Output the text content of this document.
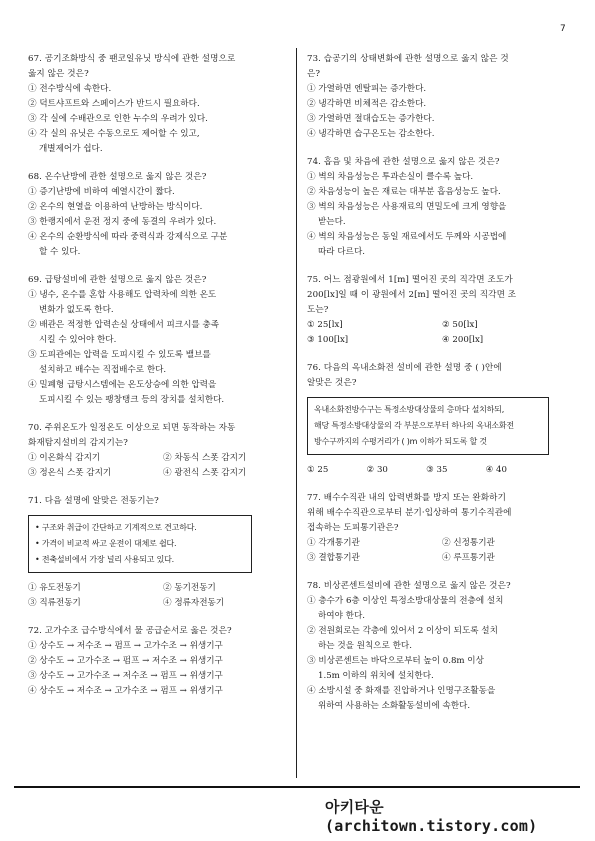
7
67. 공기조화방식 중 팬코일유닛 방식에 관한 설명으로
옳지 않은 것은?
① 전수방식에 속한다.
② 덕트샤프트와 스페이스가 반드시 필요하다.
③ 각 실에 수배관으로 인한 누수의 우려가 있다.
④ 각 실의 유닛은 수동으로도 제어할 수 있고,
개별제어가 쉽다.
68. 온수난방에 관한 설명으로 옳지 않은 것은?
① 증기난방에 비하여 예열시간이 짧다.
② 온수의 현열을 이용하여 난방하는 방식이다.
③ 한랭지에서 운전 정지 중에 동결의 우려가 있다.
④ 온수의 순환방식에 따라 중력식과 강제식으로 구분
할 수 있다.
69. 급탕설비에 관한 설명으로 옳지 않은 것은?
① 냉수, 온수를 혼합 사용해도 압력차에 의한 온도
변화가 없도록 한다.
② 배관은 적정한 압력손실 상태에서 피크시를 충족
시킬 수 있어야 한다.
③ 도피관에는 압력을 도피시킬 수 있도록 밸브를
설치하고 배수는 직접배수로 한다.
④ 밀폐형 급탕시스템에는 온도상승에 의한 압력을
도피시킬 수 있는 팽창탱크 등의 장치를 설치한다.
70. 주위온도가 일정온도 이상으로 되면 동작하는 자동
화재탐지설비의 감지기는?
① 이온화식 감지기	② 차동식 스폿 감지기
③ 정온식 스폿 감지기	④ 광전식 스폿 감지기
71. 다음 설명에 알맞은 전동기는?
• 구조와 취급이 간단하고 기계적으로 견고하다.
• 가격이 비교적 싸고 운전이 대체로 쉽다.
• 전축설비에서 가장 널리 사용되고 있다.
① 유도전동기	② 동기전동기
③ 직류전동기	④ 정류자전동기
72. 고가수조 급수방식에서 물 공급순서로 옳은 것은?
① 상수도 → 저수조 → 펌프 → 고가수조 → 위생기구
② 상수도 → 고가수조 → 펌프 → 저수조 → 위생기구
③ 상수도 → 고가수조 → 저수조 → 펌프 → 위생기구
④ 상수도 → 저수조 → 고가수조 → 펌프 → 위생기구
73. 습공기의 상태변화에 관한 설명으로 옳지 않은 것
은?
① 가열하면 엔탈피는 증가한다.
② 냉각하면 비체적은 감소한다.
③ 가열하면 절대습도는 증가한다.
④ 냉각하면 습구온도는 감소한다.
74. 흡음 및 차음에 관한 설명으로 옳지 않은 것은?
① 벽의 차음성능은 투과손실이 클수록 높다.
② 차음성능이 높은 재료는 대부분 흡음성능도 높다.
③ 벽의 차음성능은 사용재료의 면밀도에 크게 영향을
받는다.
④ 벽의 차음성능은 동일 재료에서도 두께와 시공법에
따라 다르다.
75. 어느 점광원에서 1[m] 떨어진 곳의 직각면 조도가
200[lx]일 때 이 광원에서 2[m] 떨어진 곳의 직각면 조
도는?
① 25[lx]	② 50[lx]
③ 100[lx]	④ 200[lx]
76. 다음의 옥내소화전 설비에 관한 설명 중 ( )안에
알맞은 것은?
옥내소화전방수구는 특정소방대상물의 층마다 설치하되,
해당 특정소방대상물의 각 부분으로부터 하나의 옥내소화전
방수구까지의 수평거리가 ( )m 이하가 되도록 할 것
① 25	② 30	③ 35	④ 40
77. 배수수직관 내의 압력변화를 방지 또는 완화하기
위해 배수수직관으로부터 분기·입상하여 통기수직관에
접속하는 도피통기관은?
① 각개통기관	② 신정통기관
③ 결합통기관	④ 루프통기관
78. 비상콘센트설비에 관한 설명으로 옳지 않은 것은?
① 층수가 6층 이상인 특정소방대상물의 전층에 설치
하여야 한다.
② 전원회로는 각층에 있어서 2 이상이 되도록 설치
하는 것을 원칙으로 한다.
③ 비상콘센트는 바닥으로부터 높이 0.8m 이상
1.5m 이하의 위치에 설치한다.
④ 소방시설 중 화재를 진압하거나 인명구조활동을
위하여 사용하는 소화활동설비에 속한다.
아키타운 (architown.tistory.com)
